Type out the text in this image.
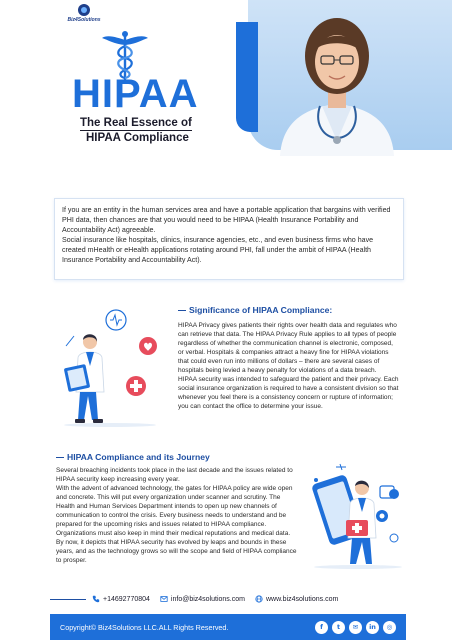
Biz4Solutions
HIPAA
The Real Essence of
HIPAA Compliance

If you are an entity in the human services area and have a portable application that bargains with verified PHI data, then chances are that you would need to be HIPAA (Health Insurance Portability and Accountability Act) agreeable.

Social insurance like hospitals, clinics, insurance agencies, etc., and even business firms who have created mHealth or eHealth applications rotating around PHI, fall under the ambit of HIPAA (Health Insurance Portability and Accountability Act).

Significance of HIPAA Compliance:

HIPAA Privacy gives patients their rights over health data and regulates who can retrieve that data. The HIPAA Privacy Rule applies to all types of people regardless of whether the communication channel is electronic, composed, or verbal. Hospitals & companies attract a heavy fine for HIPAA violations that could even run into millions of dollars – there are several cases of hospitals being levied a heavy penalty for violations of a data breach.

HIPAA security was intended to safeguard the patient and their privacy. Each social insurance organization is required to have a consistent division so that whenever you feel there is a consistency concern or rupture of information; you can contact the office to determine your issue.

HIPAA Compliance and its Journey

Several breaching incidents took place in the last decade and the issues related to HIPAA security keep increasing every year.

With the advent of advanced technology, the gates for HIPAA policy are wide open and concrete. This will put every organization under scanner and scrutiny. The Health and Human Services Department intends to open up new channels of communication to control the crisis. Every business needs to understand and be prepared for the upcoming risks and issues related to HIPAA compliance.

Organizations must also keep in mind their medical reputations and medical data. By now, it depicts that HIPAA security has evolved by leaps and bounds in these years, and as the technology grows so will the scope and field of HIPAA compliance to prosper.

+14692770804	info@biz4solutions.com	www.biz4solutions.com
Copyright© Biz4Solutions LLC.ALL Rights Reserved.	f	t	✉	in	◎
